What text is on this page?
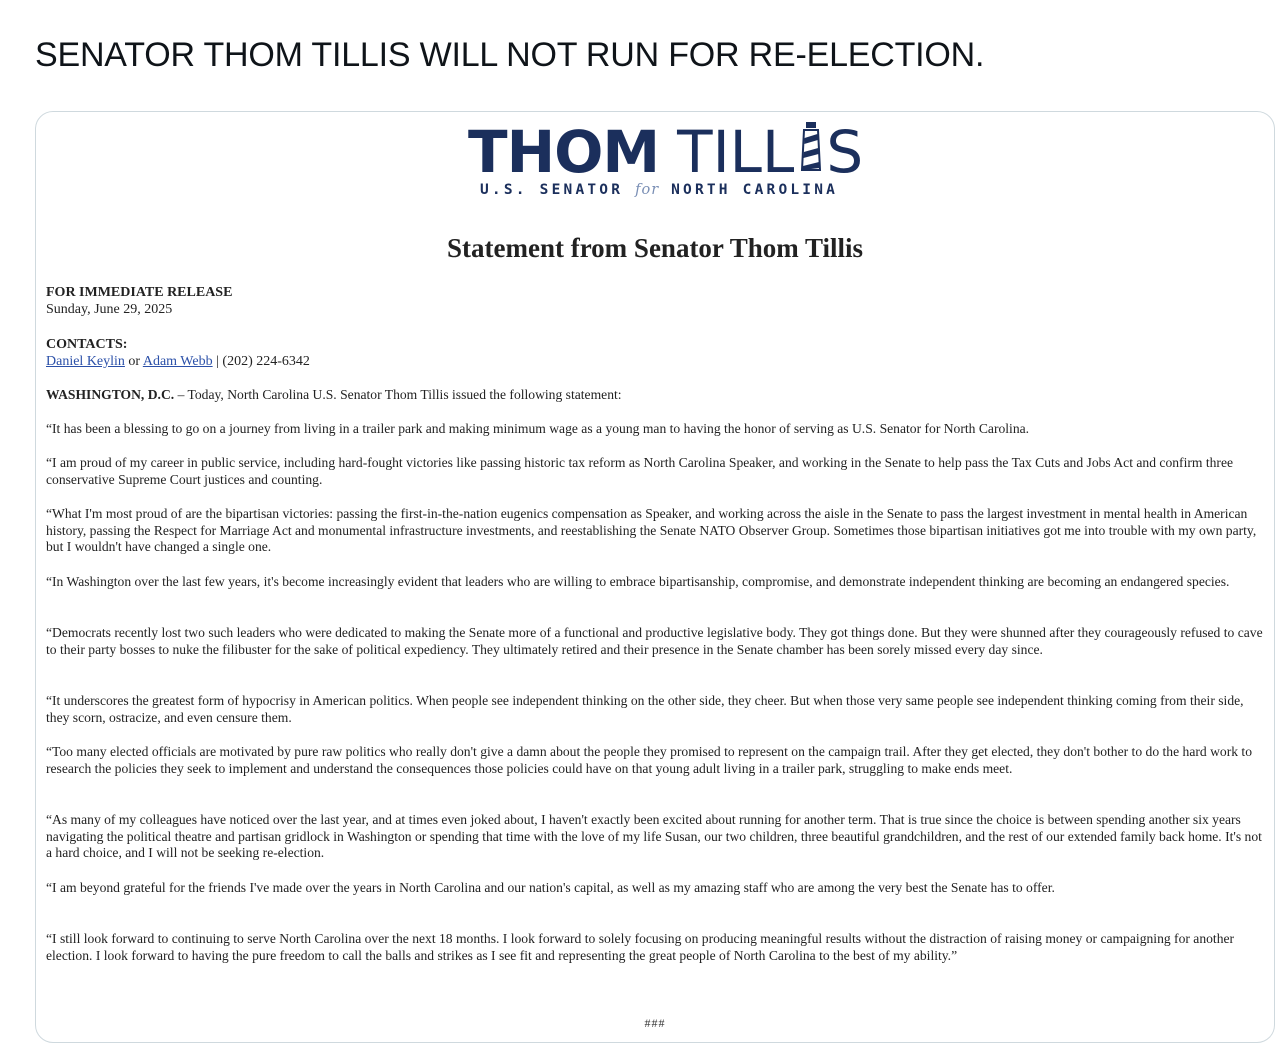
SENATOR THOM TILLIS WILL NOT RUN FOR RE-ELECTION.
THOM TILL S
U.S. SENATOR for NORTH CAROLINA
Statement from Senator Thom Tillis
FOR IMMEDIATE RELEASE
Sunday, June 29, 2025
CONTACTS:
Daniel Keylin or Adam Webb | (202) 224-6342
WASHINGTON, D.C. – Today, North Carolina U.S. Senator Thom Tillis issued the following statement:
“It has been a blessing to go on a journey from living in a trailer park and making minimum wage as a young man to having the honor of serving as U.S. Senator for North Carolina.
“I am proud of my career in public service, including hard-fought victories like passing historic tax reform as North Carolina Speaker, and working in the Senate to help pass the Tax Cuts and Jobs Act and confirm three conservative Supreme Court justices and counting.
“What I'm most proud of are the bipartisan victories: passing the first-in-the-nation eugenics compensation as Speaker, and working across the aisle in the Senate to pass the largest investment in mental health in American history, passing the Respect for Marriage Act and monumental infrastructure investments, and reestablishing the Senate NATO Observer Group. Sometimes those bipartisan initiatives got me into trouble with my own party, but I wouldn't have changed a single one.
“In Washington over the last few years, it's become increasingly evident that leaders who are willing to embrace bipartisanship, compromise, and demonstrate independent thinking are becoming an endangered species.
“Democrats recently lost two such leaders who were dedicated to making the Senate more of a functional and productive legislative body. They got things done. But they were shunned after they courageously refused to cave to their party bosses to nuke the filibuster for the sake of political expediency. They ultimately retired and their presence in the Senate chamber has been sorely missed every day since.
“It underscores the greatest form of hypocrisy in American politics. When people see independent thinking on the other side, they cheer. But when those very same people see independent thinking coming from their side, they scorn, ostracize, and even censure them.
“Too many elected officials are motivated by pure raw politics who really don't give a damn about the people they promised to represent on the campaign trail. After they get elected, they don't bother to do the hard work to research the policies they seek to implement and understand the consequences those policies could have on that young adult living in a trailer park, struggling to make ends meet.
“As many of my colleagues have noticed over the last year, and at times even joked about, I haven't exactly been excited about running for another term. That is true since the choice is between spending another six years navigating the political theatre and partisan gridlock in Washington or spending that time with the love of my life Susan, our two children, three beautiful grandchildren, and the rest of our extended family back home. It's not a hard choice, and I will not be seeking re-election.
“I am beyond grateful for the friends I've made over the years in North Carolina and our nation's capital, as well as my amazing staff who are among the very best the Senate has to offer.
“I still look forward to continuing to serve North Carolina over the next 18 months. I look forward to solely focusing on producing meaningful results without the distraction of raising money or campaigning for another election. I look forward to having the pure freedom to call the balls and strikes as I see fit and representing the great people of North Carolina to the best of my ability.”
###
